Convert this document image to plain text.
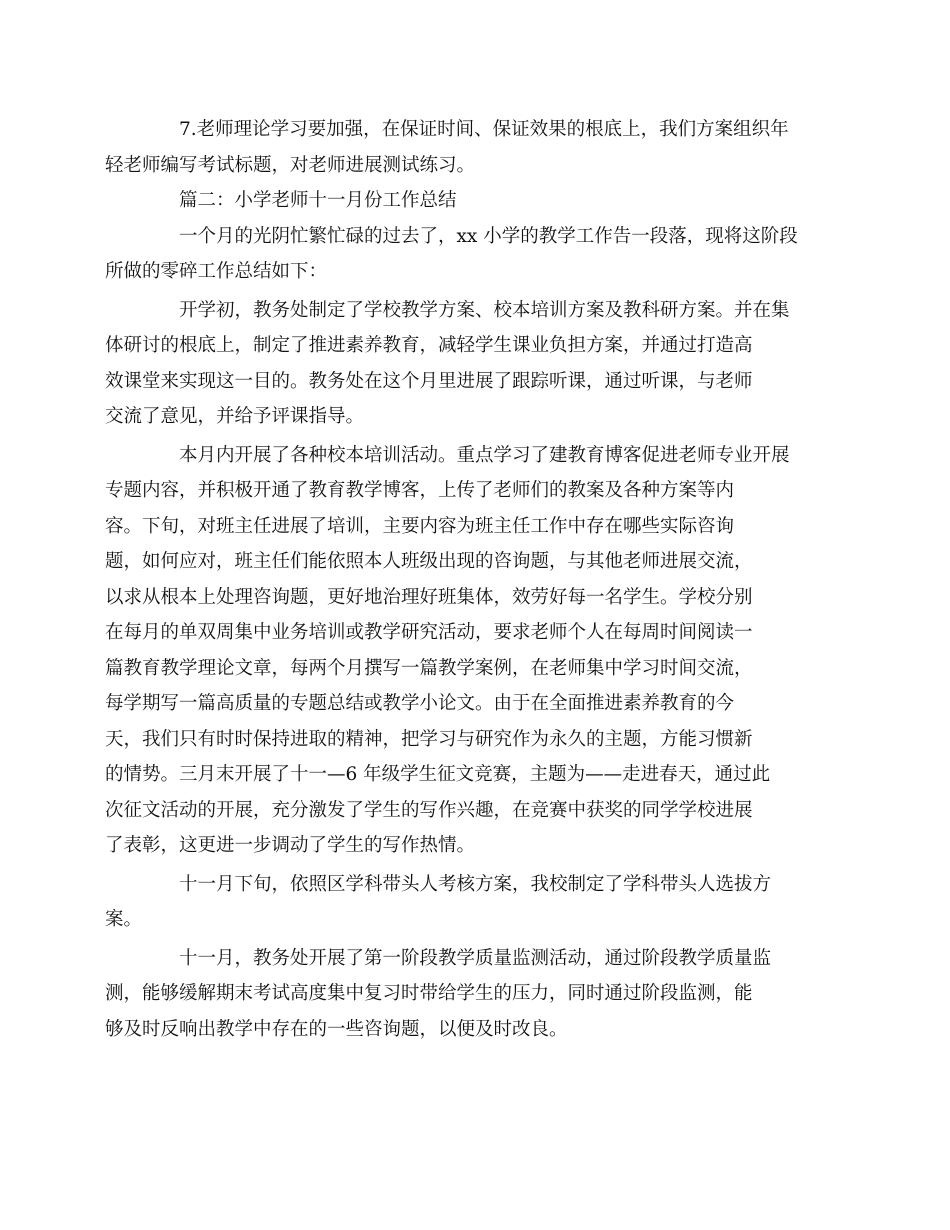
7.老师理论学习要加强，在保证时间、保证效果的根底上，我们方案组织年
轻老师编写考试标题，对老师进展测试练习。

篇二：小学老师十一月份工作总结

一个月的光阴忙繁忙碌的过去了，xx 小学的教学工作告一段落，现将这阶段
所做的零碎工作总结如下：

开学初，教务处制定了学校教学方案、校本培训方案及教科研方案。并在集
体研讨的根底上，制定了推进素养教育，减轻学生课业负担方案，并通过打造高
效课堂来实现这一目的。教务处在这个月里进展了跟踪听课，通过听课，与老师
交流了意见，并给予评课指导。

本月内开展了各种校本培训活动。重点学习了建教育博客促进老师专业开展
专题内容，并积极开通了教育教学博客，上传了老师们的教案及各种方案等内
容。下旬，对班主任进展了培训，主要内容为班主任工作中存在哪些实际咨询
题，如何应对，班主任们能依照本人班级出现的咨询题，与其他老师进展交流，
以求从根本上处理咨询题，更好地治理好班集体，效劳好每一名学生。学校分别
在每月的单双周集中业务培训或教学研究活动，要求老师个人在每周时间阅读一
篇教育教学理论文章，每两个月撰写一篇教学案例，在老师集中学习时间交流，
每学期写一篇高质量的专题总结或教学小论文。由于在全面推进素养教育的今
天，我们只有时时保持进取的精神，把学习与研究作为永久的主题，方能习惯新
的情势。三月末开展了十一—6 年级学生征文竞赛，主题为——走进春天，通过此
次征文活动的开展，充分激发了学生的写作兴趣，在竞赛中获奖的同学学校进展
了表彰，这更进一步调动了学生的写作热情。

十一月下旬，依照区学科带头人考核方案，我校制定了学科带头人选拔方
案。

十一月，教务处开展了第一阶段教学质量监测活动，通过阶段教学质量监
测，能够缓解期末考试高度集中复习时带给学生的压力，同时通过阶段监测，能
够及时反响出教学中存在的一些咨询题，以便及时改良。
